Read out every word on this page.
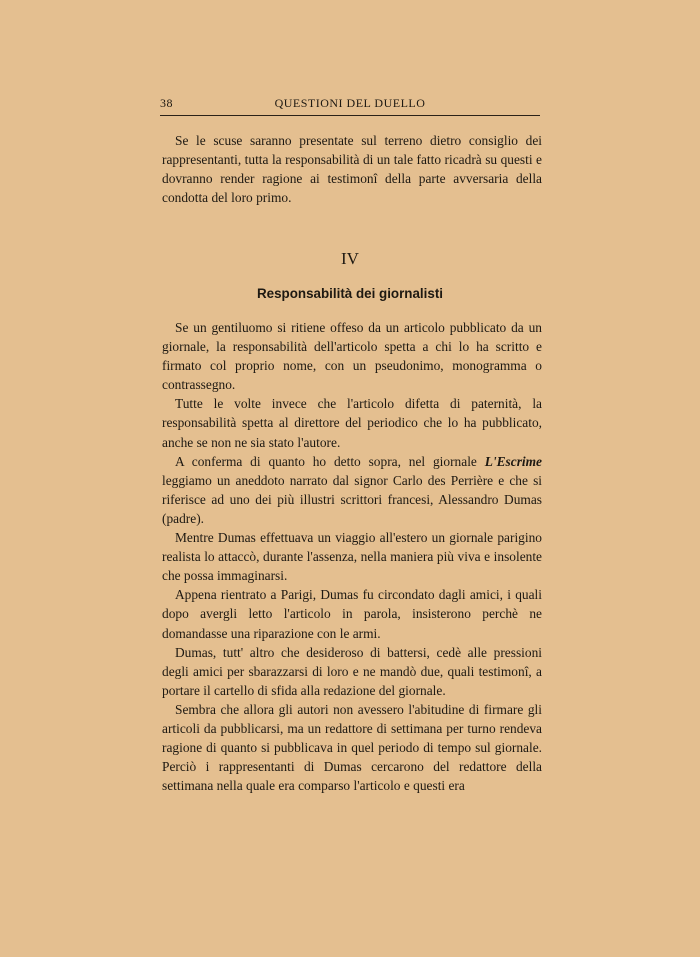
38	QUESTIONI DEL DUELLO

Se le scuse saranno presentate sul terreno dietro consiglio dei rappresentanti, tutta la responsabilità di un tale fatto ricadrà su questi e dovranno render ragione ai testimonî della parte avversaria della condotta del loro primo.

IV
Responsabilità dei giornalisti

Se un gentiluomo si ritiene offeso da un articolo pubblicato da un giornale, la responsabilità dell'articolo spetta a chi lo ha scritto e firmato col proprio nome, con un pseudonimo, monogramma o contrassegno.

Tutte le volte invece che l'articolo difetta di paternità, la responsabilità spetta al direttore del periodico che lo ha pubblicato, anche se non ne sia stato l'autore.

A conferma di quanto ho detto sopra, nel giornale L'Escrime leggiamo un aneddoto narrato dal signor Carlo des Perrière e che si riferisce ad uno dei più illustri scrittori francesi, Alessandro Dumas (padre).

Mentre Dumas effettuava un viaggio all'estero un giornale parigino realista lo attaccò, durante l'assenza, nella maniera più viva e insolente che possa immaginarsi.

Appena rientrato a Parigi, Dumas fu circondato dagli amici, i quali dopo avergli letto l'articolo in parola, insisterono perchè ne domandasse una riparazione con le armi.

Dumas, tutt' altro che desideroso di battersi, cedè alle pressioni degli amici per sbarazzarsi di loro e ne mandò due, quali testimonî, a portare il cartello di sfida alla redazione del giornale.

Sembra che allora gli autori non avessero l'abitudine di firmare gli articoli da pubblicarsi, ma un redattore di settimana per turno rendeva ragione di quanto si pubblicava in quel periodo di tempo sul giornale. Perciò i rappresentanti di Dumas cercarono del redattore della settimana nella quale era comparso l'articolo e questi era
